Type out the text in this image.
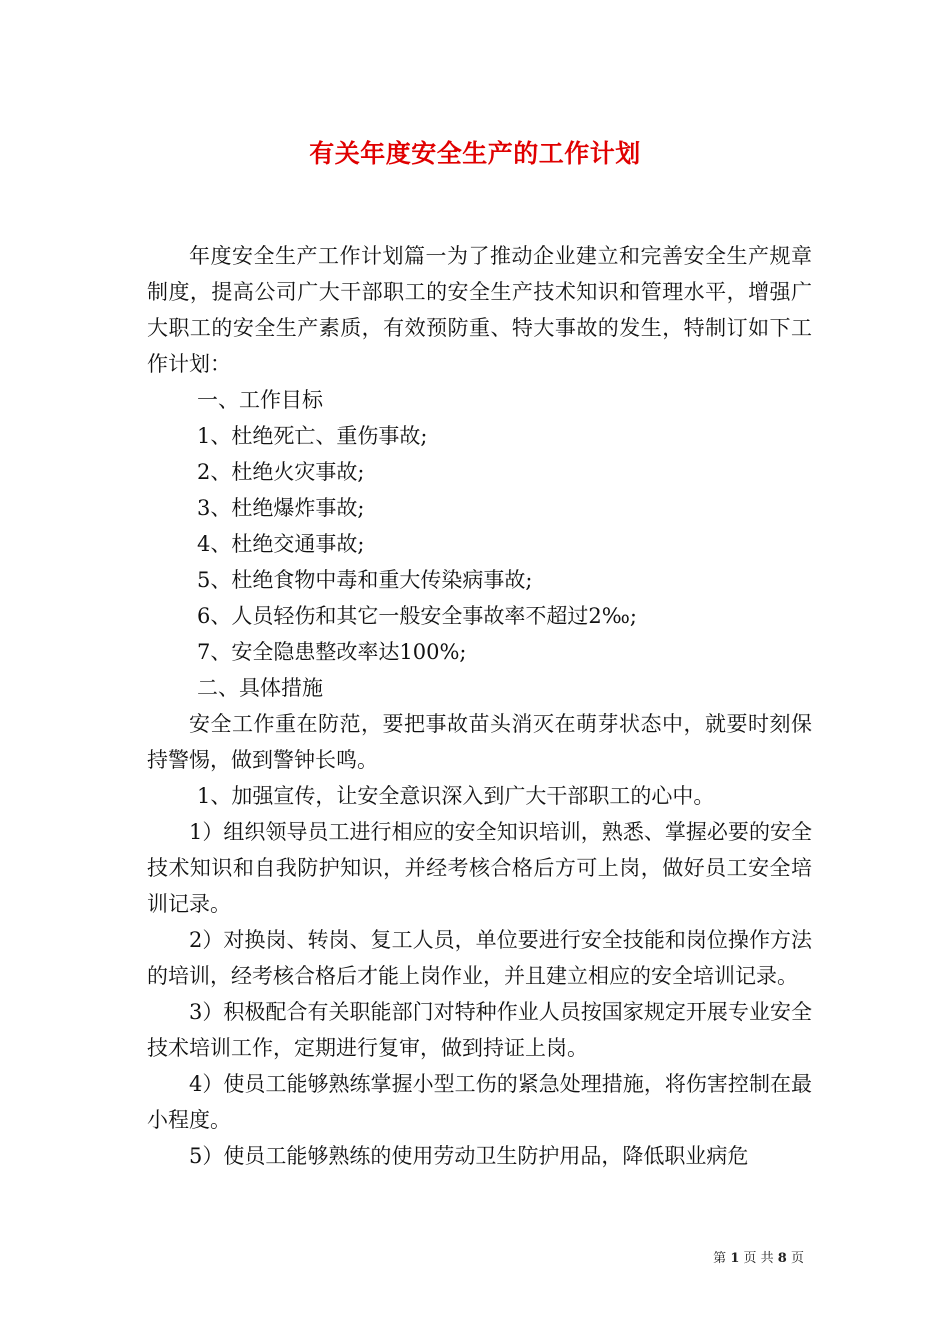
有关年度安全生产的工作计划

年度安全生产工作计划篇一为了推动企业建立和完善安全生产规章制度，提高公司广大干部职工的安全生产技术知识和管理水平，增强广大职工的安全生产素质，有效预防重、特大事故的发生，特制订如下工作计划：

一、工作目标

1、杜绝死亡、重伤事故;

2、杜绝火灾事故;

3、杜绝爆炸事故;

4、杜绝交通事故;

5、杜绝食物中毒和重大传染病事故;

6、人员轻伤和其它一般安全事故率不超过2‰;

7、安全隐患整改率达100%;

二、具体措施

安全工作重在防范，要把事故苗头消灭在萌芽状态中，就要时刻保持警惕，做到警钟长鸣。

1、加强宣传，让安全意识深入到广大干部职工的心中。

1）组织领导员工进行相应的安全知识培训，熟悉、掌握必要的安全技术知识和自我防护知识，并经考核合格后方可上岗，做好员工安全培训记录。

2）对换岗、转岗、复工人员，单位要进行安全技能和岗位操作方法的培训，经考核合格后才能上岗作业，并且建立相应的安全培训记录。

3）积极配合有关职能部门对特种作业人员按国家规定开展专业安全技术培训工作，定期进行复审，做到持证上岗。

4）使员工能够熟练掌握小型工伤的紧急处理措施，将伤害控制在最小程度。

5）使员工能够熟练的使用劳动卫生防护用品，降低职业病危

第 1 页 共 8 页
